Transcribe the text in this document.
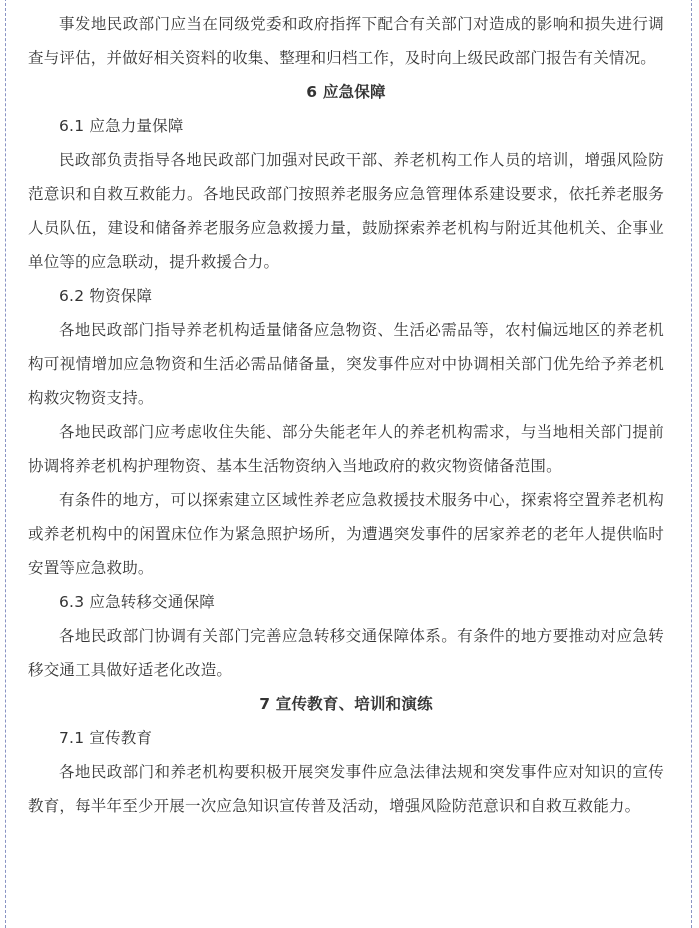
事发地民政部门应当在同级党委和政府指挥下配合有关部门对造成的影响和损失进行调查与评估，并做好相关资料的收集、整理和归档工作，及时向上级民政部门报告有关情况。

6 应急保障

6.1 应急力量保障

民政部负责指导各地民政部门加强对民政干部、养老机构工作人员的培训，增强风险防范意识和自救互救能力。各地民政部门按照养老服务应急管理体系建设要求，依托养老服务人员队伍，建设和储备养老服务应急救援力量，鼓励探索养老机构与附近其他机关、企事业单位等的应急联动，提升救援合力。

6.2 物资保障

各地民政部门指导养老机构适量储备应急物资、生活必需品等，农村偏远地区的养老机构可视情增加应急物资和生活必需品储备量，突发事件应对中协调相关部门优先给予养老机构救灾物资支持。

各地民政部门应考虑收住失能、部分失能老年人的养老机构需求，与当地相关部门提前协调将养老机构护理物资、基本生活物资纳入当地政府的救灾物资储备范围。

有条件的地方，可以探索建立区域性养老应急救援技术服务中心，探索将空置养老机构或养老机构中的闲置床位作为紧急照护场所，为遭遇突发事件的居家养老的老年人提供临时安置等应急救助。

6.3 应急转移交通保障

各地民政部门协调有关部门完善应急转移交通保障体系。有条件的地方要推动对应急转移交通工具做好适老化改造。

7 宣传教育、培训和演练

7.1 宣传教育

各地民政部门和养老机构要积极开展突发事件应急法律法规和突发事件应对知识的宣传教育，每半年至少开展一次应急知识宣传普及活动，增强风险防范意识和自救互救能力。
